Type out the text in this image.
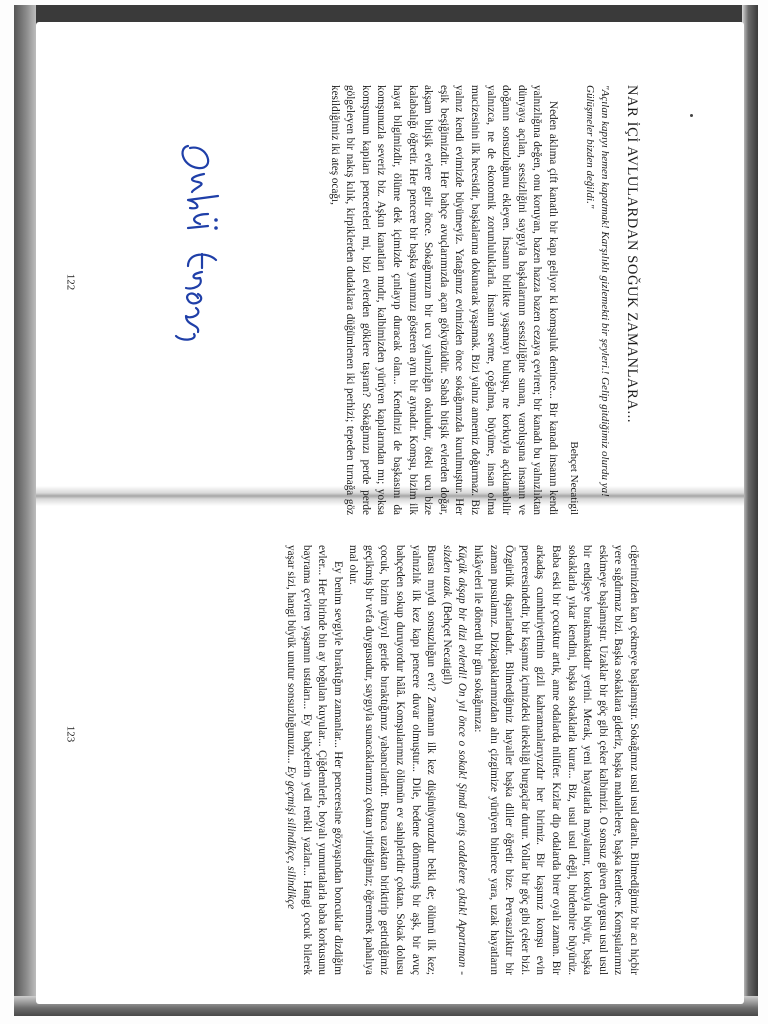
NAR İÇİ AVLULARDAN SOĞUK ZAMANLARA...

"Açılan kapıyı hemen kapatmak! Karşılıklı gizlemekti bir şeyleri.! Gelip gitdiğimiz olurdu ya! Gülüşmeler bizden değildi."

Behçet Necatigil

Neden aklıma çift kanatlı bir kapı geliyor ki komşuluk denince... Bir kanadı insanın kendi yalnızlığına değen, onu koruyan, bazen hazza bazen cezaya çeviren; bir kanadı bu yalnızlıktan dünyaya açılan, sessizliğini saygıyla başkalarının sessizliğine sunan, varoluşuna insanın ve doğanın sonsuzluğunu ekleyen. İnsanın birlikte yaşamayı buluşu, ne korkuyla açıklanabilir yalnızca, ne de ekonomik zorunluluklarla. İnsanın sevme, çoğalma, büyüme, insan olma mucizesinin ilk hecesidir, başkalarına dokunarak yaşamak. Bizi yalnız annemiz doğurmaz. Biz yalnız kendi evimizde büyümeyiz. Yatağımız evimizden önce sokağımızda kurulmuştur. Her eşik beşiğimizdir. Her bahçe avuçlarımızda açan gökyüzüdür. Sabah bitişik evlerden doğar, akşam bitişik evlere gelir önce. Sokağımızın bir ucu yalnızlığın okuludur, öteki ucu bize kalabalığı öğretir. Her pencere bir başka yanımızı gösteren aynı bir aynadır. Komşu, bizim ilk hayat bilgimizdir, ölüme dek içimizde çınlayıp duracak olan... Kendinizi de başkasını da komşunuzla severiz biz. Aşkın kanatları mıdır, kalbimizden yürüyen kapılarından mı; yoksa komşumun kapıları pencereleri mi, bizi evlerden göklere taşıran? Sokağımızı perde perde gölgeleyen bir nakış kılık, kirpiklerden dudaklara düğümlenen iki perhizi; tepeden tırnağa göz kesildiğimiz iki ateş ocağı,

122

ciğerimizden kan çekmeye başlamıştır. Sokağımız usul usul daraltı. Bilmediğimiz bir acı hiçbir yere sığdırmaz bizi. Başka sokaklara gideriz, başka mahallelere, başka kentlere. Komşularımız eskimeye başlamıştır. Uzaklar bir göç gibi çeker kalbimizi. O sonsuz güven duygusu usul usul bir endişeye bırakmaktadır yerini. Merak, yeni hayatlarla mayalanır, korkuyla büyür, başka sokaklarla yıkar kendini, başka sokaklarla kurar... Biz, usul usul değil, birdenbire büyürüz. Baba eski bir çocuktur artık, anne odalarda nilüfer. Kızlar dip odalarda birer oyalı zaman. Bir arkadaş cumhuriyetimin gizli kahramanlarıyızdır her birimiz. Bir kaşımız komşu evin penceresindedir, bir kaşımız içimizdeki ürkekliği burgaçlar durur. Yollar bir göç gibi çeker bizi. Özgürlük dışarılardadır. Bilmediğimiz hayaller başka diller öğretir bize. Pervasızlıktır bir zaman pusulamız. Dizkapaklarımızdan alnı çizgimize yürüyen binlerce yara, uzak hayatların hikâyeleri ile dönerdi bir gün sokağımıza:

Küçük akşap bir dizi evlerdi! On yıl önce o sokak! Şimdi geniş caddelere çıktık! Apartıman -sizden uzak. (Behçet Necatigil)

Burası mıydı sonsuzluğun evi? Zamanın ilk kez düşünüyoruzdur belki de; ölümü ilk kez; yalnızlık ilk kez kapı pencere duvar olmuştur... Dile, bedene dönmemiş bir aşk, bir avuç bahçeden sokup duruyordur hâlâ. Komşularımız ölümün ev sahipleridir çoktan. Sokak dolusu çocuk, bizim yüzyıl geride bıraktığımız yabancılardır. Bunca uzaktan biriktirip getirdiğimiz geçikmiş bir vefa duygusudur, saygıyla sunacaklarımızı çoktan yitirdiğimiz; öğrenmek pahalıya mal olur.

Ey benim sevgiyle bıraktığım zamanlar... Her penceresine gözyaşından boncuklar dizdiğim evler... Her birinde bin ay boğulan kuyular... Çiğdemlerle, boyalı yumurtalarla baba korkusunu bayrama çeviren yaşamın ustaları... Ey bahçelerin yedi renkli yazları... Hangi çocuk bilerek yaşar sizi, hangi büyük unutur sonsuzluğunuzu... Ey geçmişi silindikçe, silindikçe

123
